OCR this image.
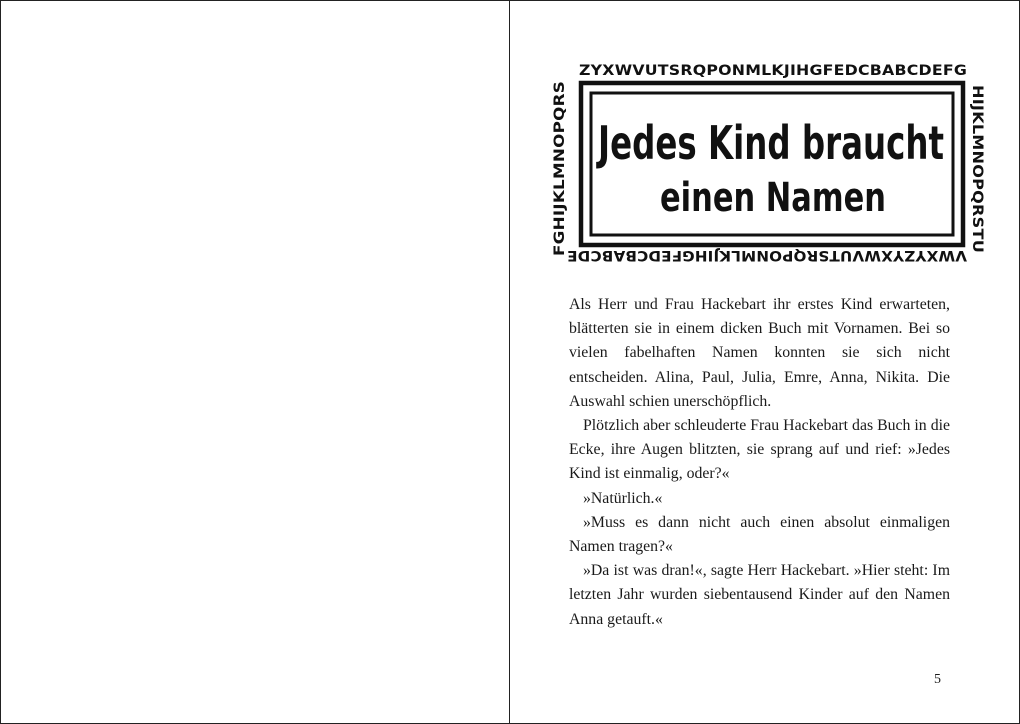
ZYXWVUTSRQPONMLKJIHGFEDCBABCDEFG
HIJKLMNOPQRSTU
VWXYZYXWVUTSRQPONMLKJIHGFEDCBABCDE
FGHIJKLMNOPQRS Jedes Kind braucht
einen Namen

Als Herr und Frau Hackebart ihr erstes Kind erwarteten, blätterten sie in einem dicken Buch mit Vornamen. Bei so vielen fabelhaften Namen konnten sie sich nicht entscheiden. Alina, Paul, Julia, Emre, Anna, Nikita. Die Auswahl schien unerschöpflich.

Plötzlich aber schleuderte Frau Hackebart das Buch in die Ecke, ihre Augen blitzten, sie sprang auf und rief: »Jedes Kind ist einmalig, oder?«

»Natürlich.«

»Muss es dann nicht auch einen absolut einmaligen Namen tragen?«

»Da ist was dran!«, sagte Herr Hackebart. »Hier steht: Im letzten Jahr wurden siebentausend Kinder auf den Namen Anna getauft.«

5
